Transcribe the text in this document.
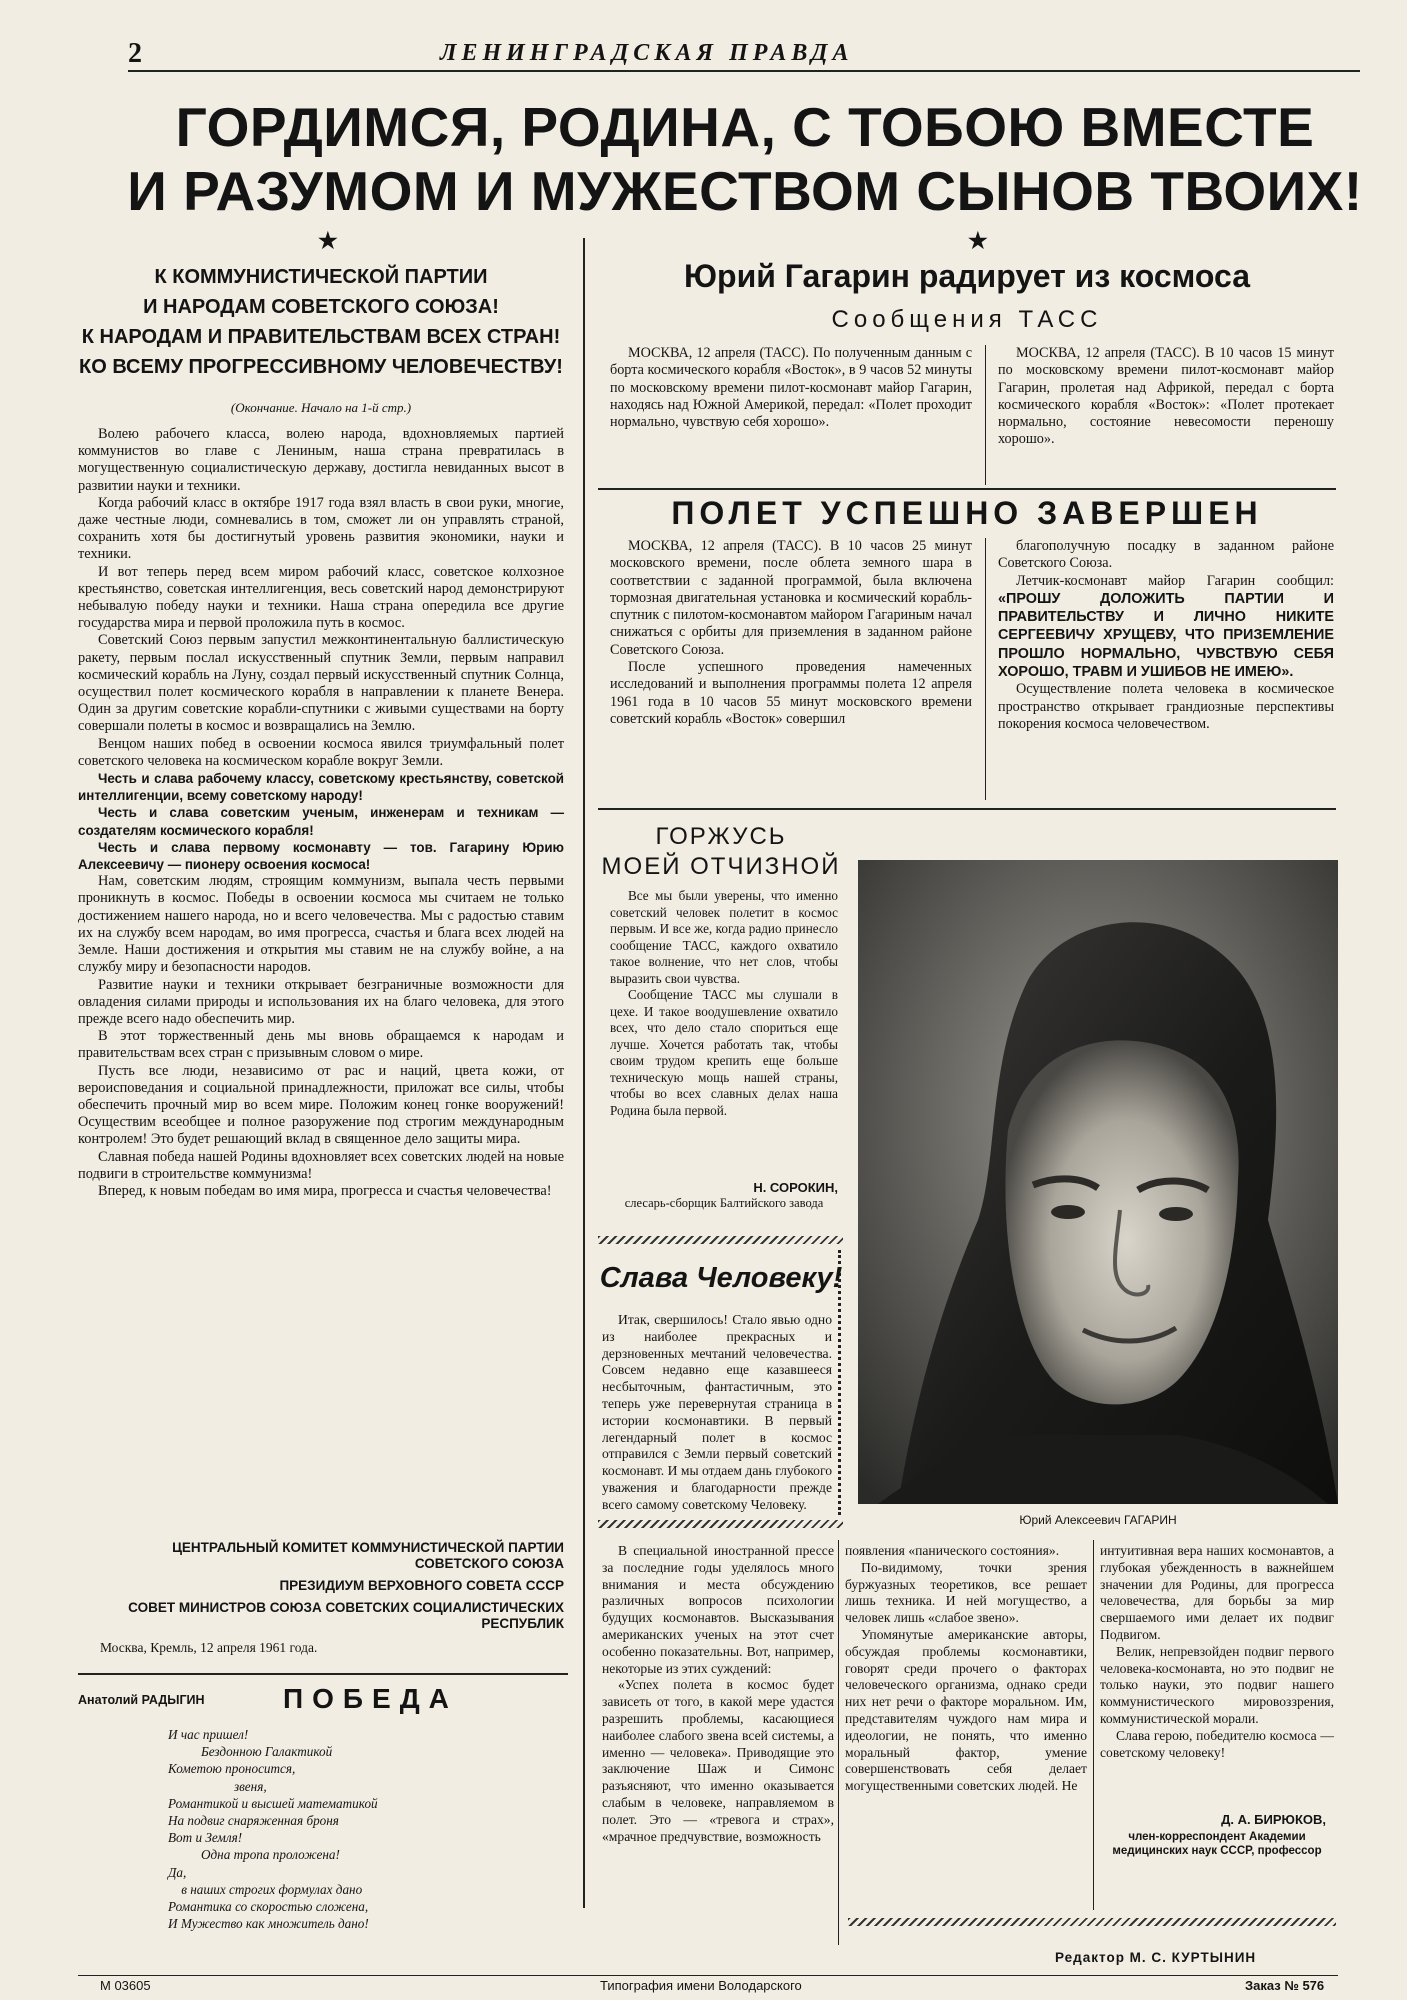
2	ЛЕНИНГРАДСКАЯ ПРАВДА
ГОРДИМСЯ, РОДИНА, С ТОБОЮ ВМЕСТЕ
И РАЗУМОМ И МУЖЕСТВОМ СЫНОВ ТВОИХ!
★	★
К КОММУНИСТИЧЕСКОЙ ПАРТИИ
И НАРОДАМ СОВЕТСКОГО СОЮЗА!
К НАРОДАМ И ПРАВИТЕЛЬСТВАМ ВСЕХ СТРАН!
КО ВСЕМУ ПРОГРЕССИВНОМУ ЧЕЛОВЕЧЕСТВУ!
(Окончание. Начало на 1-й стр.)

Волею рабочего класса, волею народа, вдохновляемых партией коммунистов во главе с Лениным, наша страна превратилась в могущественную социалистическую державу, достигла невиданных высот в развитии науки и техники.

Когда рабочий класс в октябре 1917 года взял власть в свои руки, многие, даже честные люди, сомневались в том, сможет ли он управлять страной, сохранить хотя бы достигнутый уровень развития экономики, науки и техники.

И вот теперь перед всем миром рабочий класс, советское колхозное крестьянство, советская интеллигенция, весь советский народ демонстрируют небывалую победу науки и техники. Наша страна опередила все другие государства мира и первой проложила путь в космос.

Советский Союз первым запустил межконтинентальную баллистическую ракету, первым послал искусственный спутник Земли, первым направил космический корабль на Луну, создал первый искусственный спутник Солнца, осуществил полет космического корабля в направлении к планете Венера. Один за другим советские корабли-спутники с живыми существами на борту совершали полеты в космос и возвращались на Землю.

Венцом наших побед в освоении космоса явился триумфальный полет советского человека на космическом корабле вокруг Земли.

Честь и слава рабочему классу, советскому крестьянству, советской интеллигенции, всему советскому народу!

Честь и слава советским ученым, инженерам и техникам — создателям космического корабля!

Честь и слава первому космонавту — тов. Гагарину Юрию Алексеевичу — пионеру освоения космоса!

Нам, советским людям, строящим коммунизм, выпала честь первыми проникнуть в космос. Победы в освоении космоса мы считаем не только достижением нашего народа, но и всего человечества. Мы с радостью ставим их на службу всем народам, во имя прогресса, счастья и блага всех людей на Земле. Наши достижения и открытия мы ставим не на службу войне, а на службу миру и безопасности народов.

Развитие науки и техники открывает безграничные возможности для овладения силами природы и использования их на благо человека, для этого прежде всего надо обеспечить мир.

В этот торжественный день мы вновь обращаемся к народам и правительствам всех стран с призывным словом о мире.

Пусть все люди, независимо от рас и наций, цвета кожи, от вероисповедания и социальной принадлежности, приложат все силы, чтобы обеспечить прочный мир во всем мире. Положим конец гонке вооружений! Осуществим всеобщее и полное разоружение под строгим международным контролем! Это будет решающий вклад в священное дело защиты мира.

Славная победа нашей Родины вдохновляет всех советских людей на новые подвиги в строительстве коммунизма!

Вперед, к новым победам во имя мира, прогресса и счастья человечества!

ЦЕНТРАЛЬНЫЙ КОМИТЕТ КОММУНИСТИЧЕСКОЙ ПАРТИИ СОВЕТСКОГО СОЮЗА
ПРЕЗИДИУМ ВЕРХОВНОГО СОВЕТА СССР
СОВЕТ МИНИСТРОВ СОЮЗА СОВЕТСКИХ СОЦИАЛИСТИЧЕСКИХ РЕСПУБЛИК
Москва, Кремль, 12 апреля 1961 года.
Анатолий РАДЫГИН	ПОБЕДА
И час пришел!
Бездонною Галактикой
Кометою проносится,
звеня,
Романтикой и высшей математикой
На подвиг снаряженная броня
Вот и Земля!
Одна тропа проложена!
Да,
в наших строгих формулах дано
Романтика со скоростью сложена,
И Мужество как множитель дано!
Юрий Гагарин радирует из космоса
Сообщения ТАСС

МОСКВА, 12 апреля (ТАСС). По полученным данным с борта космического корабля «Восток», в 9 часов 52 минуты по московскому времени пилот-космонавт майор Гагарин, находясь над Южной Америкой, передал: «Полет проходит нормально, чувствую себя хорошо».

МОСКВА, 12 апреля (ТАСС). В 10 часов 15 минут по московскому времени пилот-космонавт майор Гагарин, пролетая над Африкой, передал с борта космического корабля «Восток»: «Полет протекает нормально, состояние невесомости переношу хорошо».

ПОЛЕТ УСПЕШНО ЗАВЕРШЕН

МОСКВА, 12 апреля (ТАСС). В 10 часов 25 минут московского времени, после облета земного шара в соответствии с заданной программой, была включена тормозная двигательная установка и космический корабль-спутник с пилотом-космонавтом майором Гагариным начал снижаться с орбиты для приземления в заданном районе Советского Союза.

После успешного проведения намеченных исследований и выполнения программы полета 12 апреля 1961 года в 10 часов 55 минут московского времени советский корабль «Восток» совершил

благополучную посадку в заданном районе Советского Союза.

Летчик-космонавт майор Гагарин сообщил: «ПРОШУ ДОЛОЖИТЬ ПАРТИИ И ПРАВИТЕЛЬСТВУ И ЛИЧНО НИКИТЕ СЕРГЕЕВИЧУ ХРУЩЕВУ, ЧТО ПРИЗЕМЛЕНИЕ ПРОШЛО НОРМАЛЬНО, ЧУВСТВУЮ СЕБЯ ХОРОШО, ТРАВМ И УШИБОВ НЕ ИМЕЮ».

Осуществление полета человека в космическое пространство открывает грандиозные перспективы покорения космоса человечеством.

ГОРЖУСЬ
МОЕЙ ОТЧИЗНОЙ

Все мы были уверены, что именно советский человек полетит в космос первым. И все же, когда радио принесло сообщение ТАСС, каждого охватило такое волнение, что нет слов, чтобы выразить свои чувства.

Сообщение ТАСС мы слушали в цехе. И такое воодушевление охватило всех, что дело стало спориться еще лучше. Хочется работать так, чтобы своим трудом крепить еще больше техническую мощь нашей страны, чтобы во всех славных делах наша Родина была первой.

Н. СОРОКИН,
слесарь-сборщик Балтийского завода
Слава Человеку!

Итак, свершилось! Стало явью одно из наиболее прекрасных и дерзновенных мечтаний человечества. Совсем недавно еще казавшееся несбыточным, фантастичным, это теперь уже перевернутая страница в истории космонавтики. В первый легендарный полет в космос отправился с Земли первый советский космонавт. И мы отдаем дань глубокого уважения и благодарности прежде всего самому советскому Человеку.

Юрий Алексеевич ГАГАРИН

В специальной иностранной прессе за последние годы уделялось много внимания и места обсуждению различных вопросов психологии будущих космонавтов. Высказывания американских ученых на этот счет особенно показательны. Вот, например, некоторые из этих суждений:

«Успех полета в космос будет зависеть от того, в какой мере удастся разрешить проблемы, касающиеся наиболее слабого звена всей системы, а именно — человека». Приводящие это заключение Шаж и Симонс разъясняют, что именно оказывается слабым в человеке, направляемом в полет. Это — «тревога и страх», «мрачное предчувствие, возможность

появления «панического состояния».

По-видимому, точки зрения буржуазных теоретиков, все решает лишь техника. И ней могущество, а человек лишь «слабое звено».

Упомянутые американские авторы, обсуждая проблемы космонавтики, говорят среди прочего о факторах человеческого организма, однако среди них нет речи о факторе моральном. Им, представителям чуждого нам мира и идеологии, не понять, что именно моральный фактор, умение совершенствовать себя делает могущественными советских людей. Не

интуитивная вера наших космонавтов, а глубокая убежденность в важнейшем значении для Родины, для прогресса человечества, для борьбы за мир свершаемого ими делает их подвиг Подвигом.

Велик, непревзойден подвиг первого человека-космонавта, но это подвиг не только науки, это подвиг нашего коммунистического мировоззрения, коммунистической морали.

Слава герою, победителю космоса — советскому человеку!

Д. А. БИРЮКОВ,
член-корреспондент Академии медицинских наук СССР, профессор
Редактор М. С. КУРТЫНИН
М 03605	Типография имени Володарского	Заказ № 576
